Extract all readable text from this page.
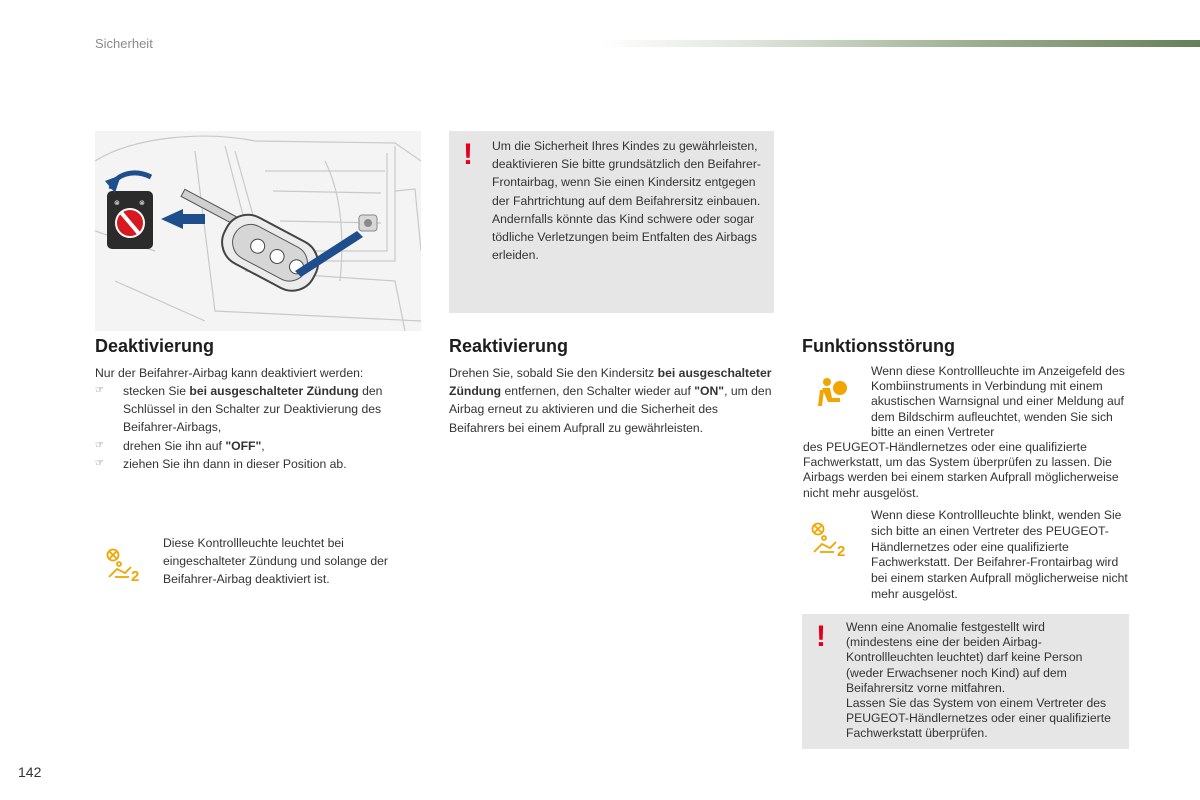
Sicherheit
⊗	⊗
! Um die Sicherheit Ihres Kindes zu gewährleisten, deaktivieren Sie bitte grundsätzlich den Beifahrer-Frontairbag, wenn Sie einen Kindersitz entgegen der Fahrtrichtung auf dem Beifahrersitz einbauen. Andernfalls könnte das Kind schwere oder sogar tödliche Verletzungen beim Entfalten des Airbags erleiden.
Deaktivierung
Nur der Beifahrer-Airbag kann deaktiviert werden:
☞ stecken Sie bei ausgeschalteter Zündung den Schlüssel in den Schalter zur Deaktivierung des Beifahrer-Airbags,
☞ drehen Sie ihn auf "OFF",
☞ ziehen Sie ihn dann in dieser Position ab.
2
Diese Kontrollleuchte leuchtet bei eingeschalteter Zündung und solange der Beifahrer-Airbag deaktiviert ist.
Reaktivierung
Drehen Sie, sobald Sie den Kindersitz bei ausgeschalteter Zündung entfernen, den Schalter wieder auf "ON", um den Airbag erneut zu aktivieren und die Sicherheit des Beifahrers bei einem Aufprall zu gewährleisten.
Funktionsstörung
Wenn diese Kontrollleuchte im Anzeigefeld des Kombiinstruments in Verbindung mit einem akustischen Warnsignal und einer Meldung auf dem Bildschirm aufleuchtet, wenden Sie sich bitte an einen Vertreter
des PEUGEOT-Händlernetzes oder eine qualifizierte Fachwerkstatt, um das System überprüfen zu lassen. Die Airbags werden bei einem starken Aufprall möglicherweise nicht mehr ausgelöst.
2
Wenn diese Kontrollleuchte blinkt, wenden Sie sich bitte an einen Vertreter des PEUGEOT-Händlernetzes oder eine qualifizierte Fachwerkstatt. Der Beifahrer-Frontairbag wird bei einem starken Aufprall möglicherweise nicht mehr ausgelöst.
! Wenn eine Anomalie festgestellt wird (mindestens eine der beiden Airbag-Kontrollleuchten leuchtet) darf keine Person (weder Erwachsener noch Kind) auf dem Beifahrersitz vorne mitfahren.
Lassen Sie das System von einem Vertreter des PEUGEOT-Händlernetzes oder einer qualifizierte Fachwerkstatt überprüfen.
142
